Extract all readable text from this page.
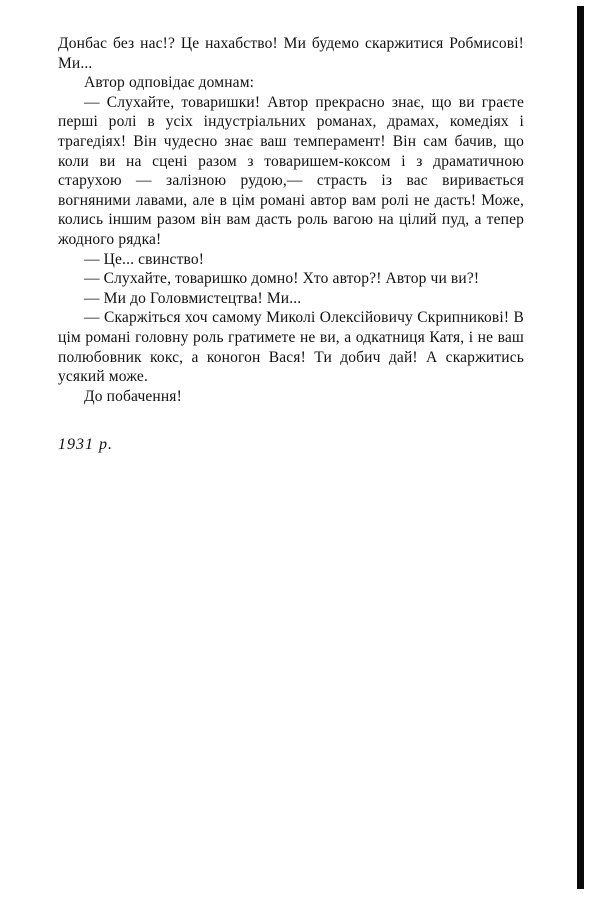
Донбас без нас!? Це нахабство! Ми будемо скаржитися Робмисові! Ми...

Автор одповідає домнам:

— Слухайте, товаришки! Автор прекрасно знає, що ви граєте перші ролі в усіх індустріальних романах, драмах, комедіях і трагедіях! Він чудесно знає ваш темперамент! Він сам бачив, що коли ви на сцені разом з товаришем-коксом і з драматичною старухою — залізною рудою,— страсть із вас виривається вогняними лавами, але в цім романі автор вам ролі не дасть! Може, колись іншим разом він вам дасть роль вагою на цілий пуд, а тепер жодного рядка!

— Це... свинство!

— Слухайте, товаришко домно! Хто автор?! Автор чи ви?!

— Ми до Головмистецтва! Ми...

— Скаржіться хоч самому Миколі Олексійовичу Скрипникові! В цім романі головну роль гратимете не ви, а одкатниця Катя, і не ваш полюбовник кокс, а коногон Вася! Ти добич дай! А скаржитись усякий може.

До побачення!

1931 р.
